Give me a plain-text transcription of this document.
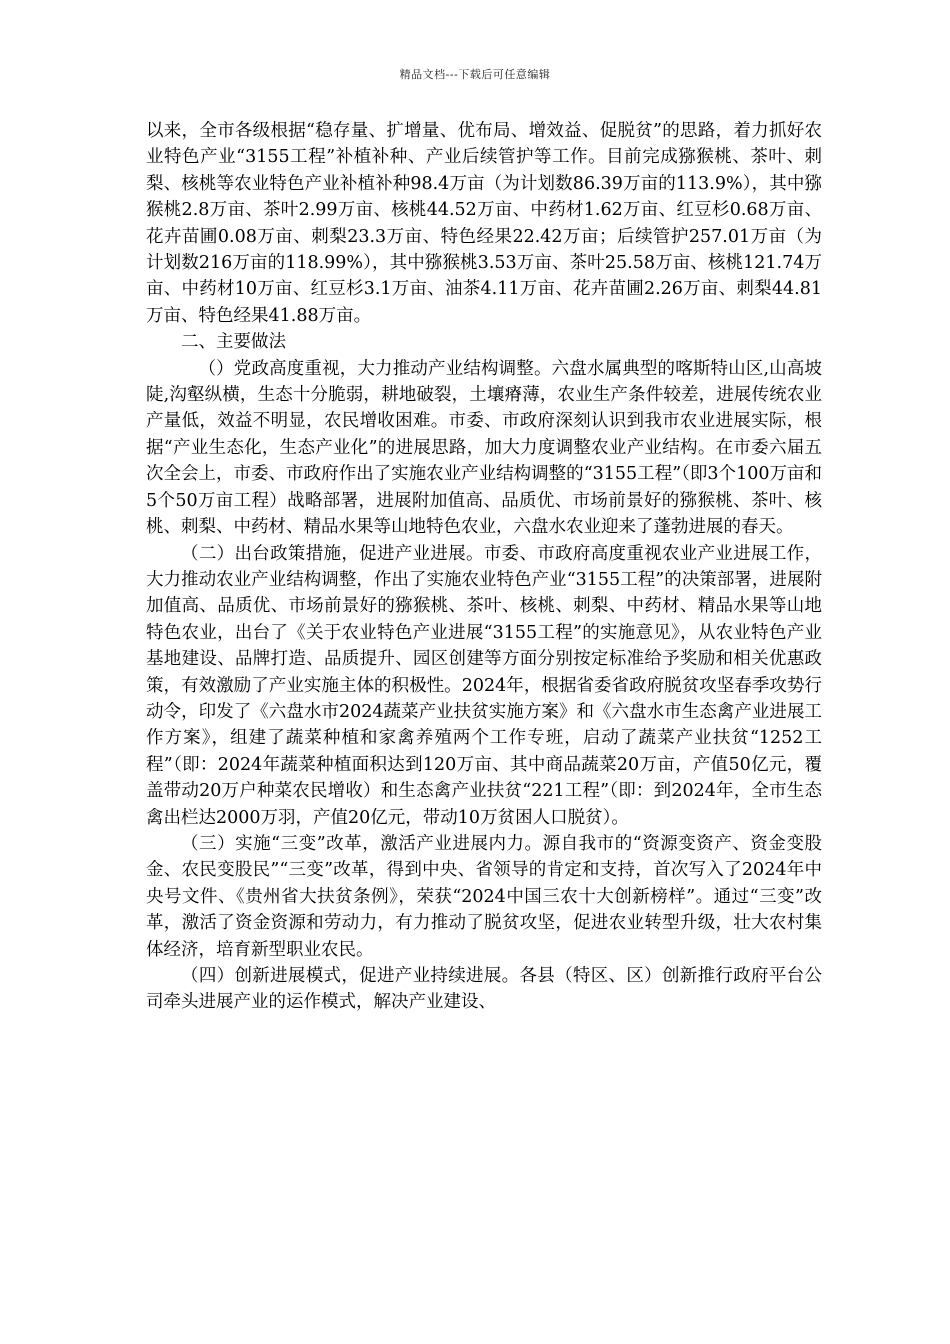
精品文档---下载后可任意编辑

以来，全市各级根据“稳存量、扩增量、优布局、增效益、促脱贫”的思路，着力抓好农业特色产业“3155工程”补植补种、产业后续管护等工作。目前完成猕猴桃、茶叶、刺梨、核桃等农业特色产业补植补种98.4万亩（为计划数86.39万亩的113.9%），其中猕猴桃2.8万亩、茶叶2.99万亩、核桃44.52万亩、中药材1.62万亩、红豆杉0.68万亩、花卉苗圃0.08万亩、刺梨23.3万亩、特色经果22.42万亩；后续管护257.01万亩（为计划数216万亩的118.99%），其中猕猴桃3.53万亩、茶叶25.58万亩、核桃121.74万亩、中药材10万亩、红豆杉3.1万亩、油茶4.11万亩、花卉苗圃2.26万亩、刺梨44.81万亩、特色经果41.88万亩。

二、主要做法

（）党政高度重视，大力推动产业结构调整。六盘水属典型的喀斯特山区,山高坡陡,沟壑纵横，生态十分脆弱，耕地破裂，土壤瘠薄，农业生产条件较差，进展传统农业产量低，效益不明显，农民增收困难。市委、市政府深刻认识到我市农业进展实际，根据“产业生态化，生态产业化”的进展思路，加大力度调整农业产业结构。在市委六届五次全会上，市委、市政府作出了实施农业产业结构调整的“3155工程”（即3个100万亩和5个50万亩工程）战略部署，进展附加值高、品质优、市场前景好的猕猴桃、茶叶、核桃、刺梨、中药材、精品水果等山地特色农业，六盘水农业迎来了蓬勃进展的春天。

（二）出台政策措施，促进产业进展。市委、市政府高度重视农业产业进展工作，大力推动农业产业结构调整，作出了实施农业特色产业“3155工程”的决策部署，进展附加值高、品质优、市场前景好的猕猴桃、茶叶、核桃、刺梨、中药材、精品水果等山地特色农业，出台了《关于农业特色产业进展“3155工程”的实施意见》，从农业特色产业基地建设、品牌打造、品质提升、园区创建等方面分别按定标准给予奖励和相关优惠政策，有效激励了产业实施主体的积极性。2024年，根据省委省政府脱贫攻坚春季攻势行动令，印发了《六盘水市2024蔬菜产业扶贫实施方案》和《六盘水市生态禽产业进展工作方案》，组建了蔬菜种植和家禽养殖两个工作专班，启动了蔬菜产业扶贫“1252工程”（即：2024年蔬菜种植面积达到120万亩、其中商品蔬菜20万亩，产值50亿元，覆盖带动20万户种菜农民增收）和生态禽产业扶贫“221工程”（即：到2024年，全市生态禽出栏达2000万羽，产值20亿元，带动10万贫困人口脱贫）。

（三）实施“三变”改革，激活产业进展内力。源自我市的“资源变资产、资金变股金、农民变股民”“三变”改革，得到中央、省领导的肯定和支持，首次写入了2024年中央号文件、《贵州省大扶贫条例》，荣获“2024中国三农十大创新榜样”。通过“三变”改革，激活了资金资源和劳动力，有力推动了脱贫攻坚，促进农业转型升级，壮大农村集体经济，培育新型职业农民。

（四）创新进展模式，促进产业持续进展。各县（特区、区）创新推行政府平台公司牵头进展产业的运作模式，解决产业建设、
